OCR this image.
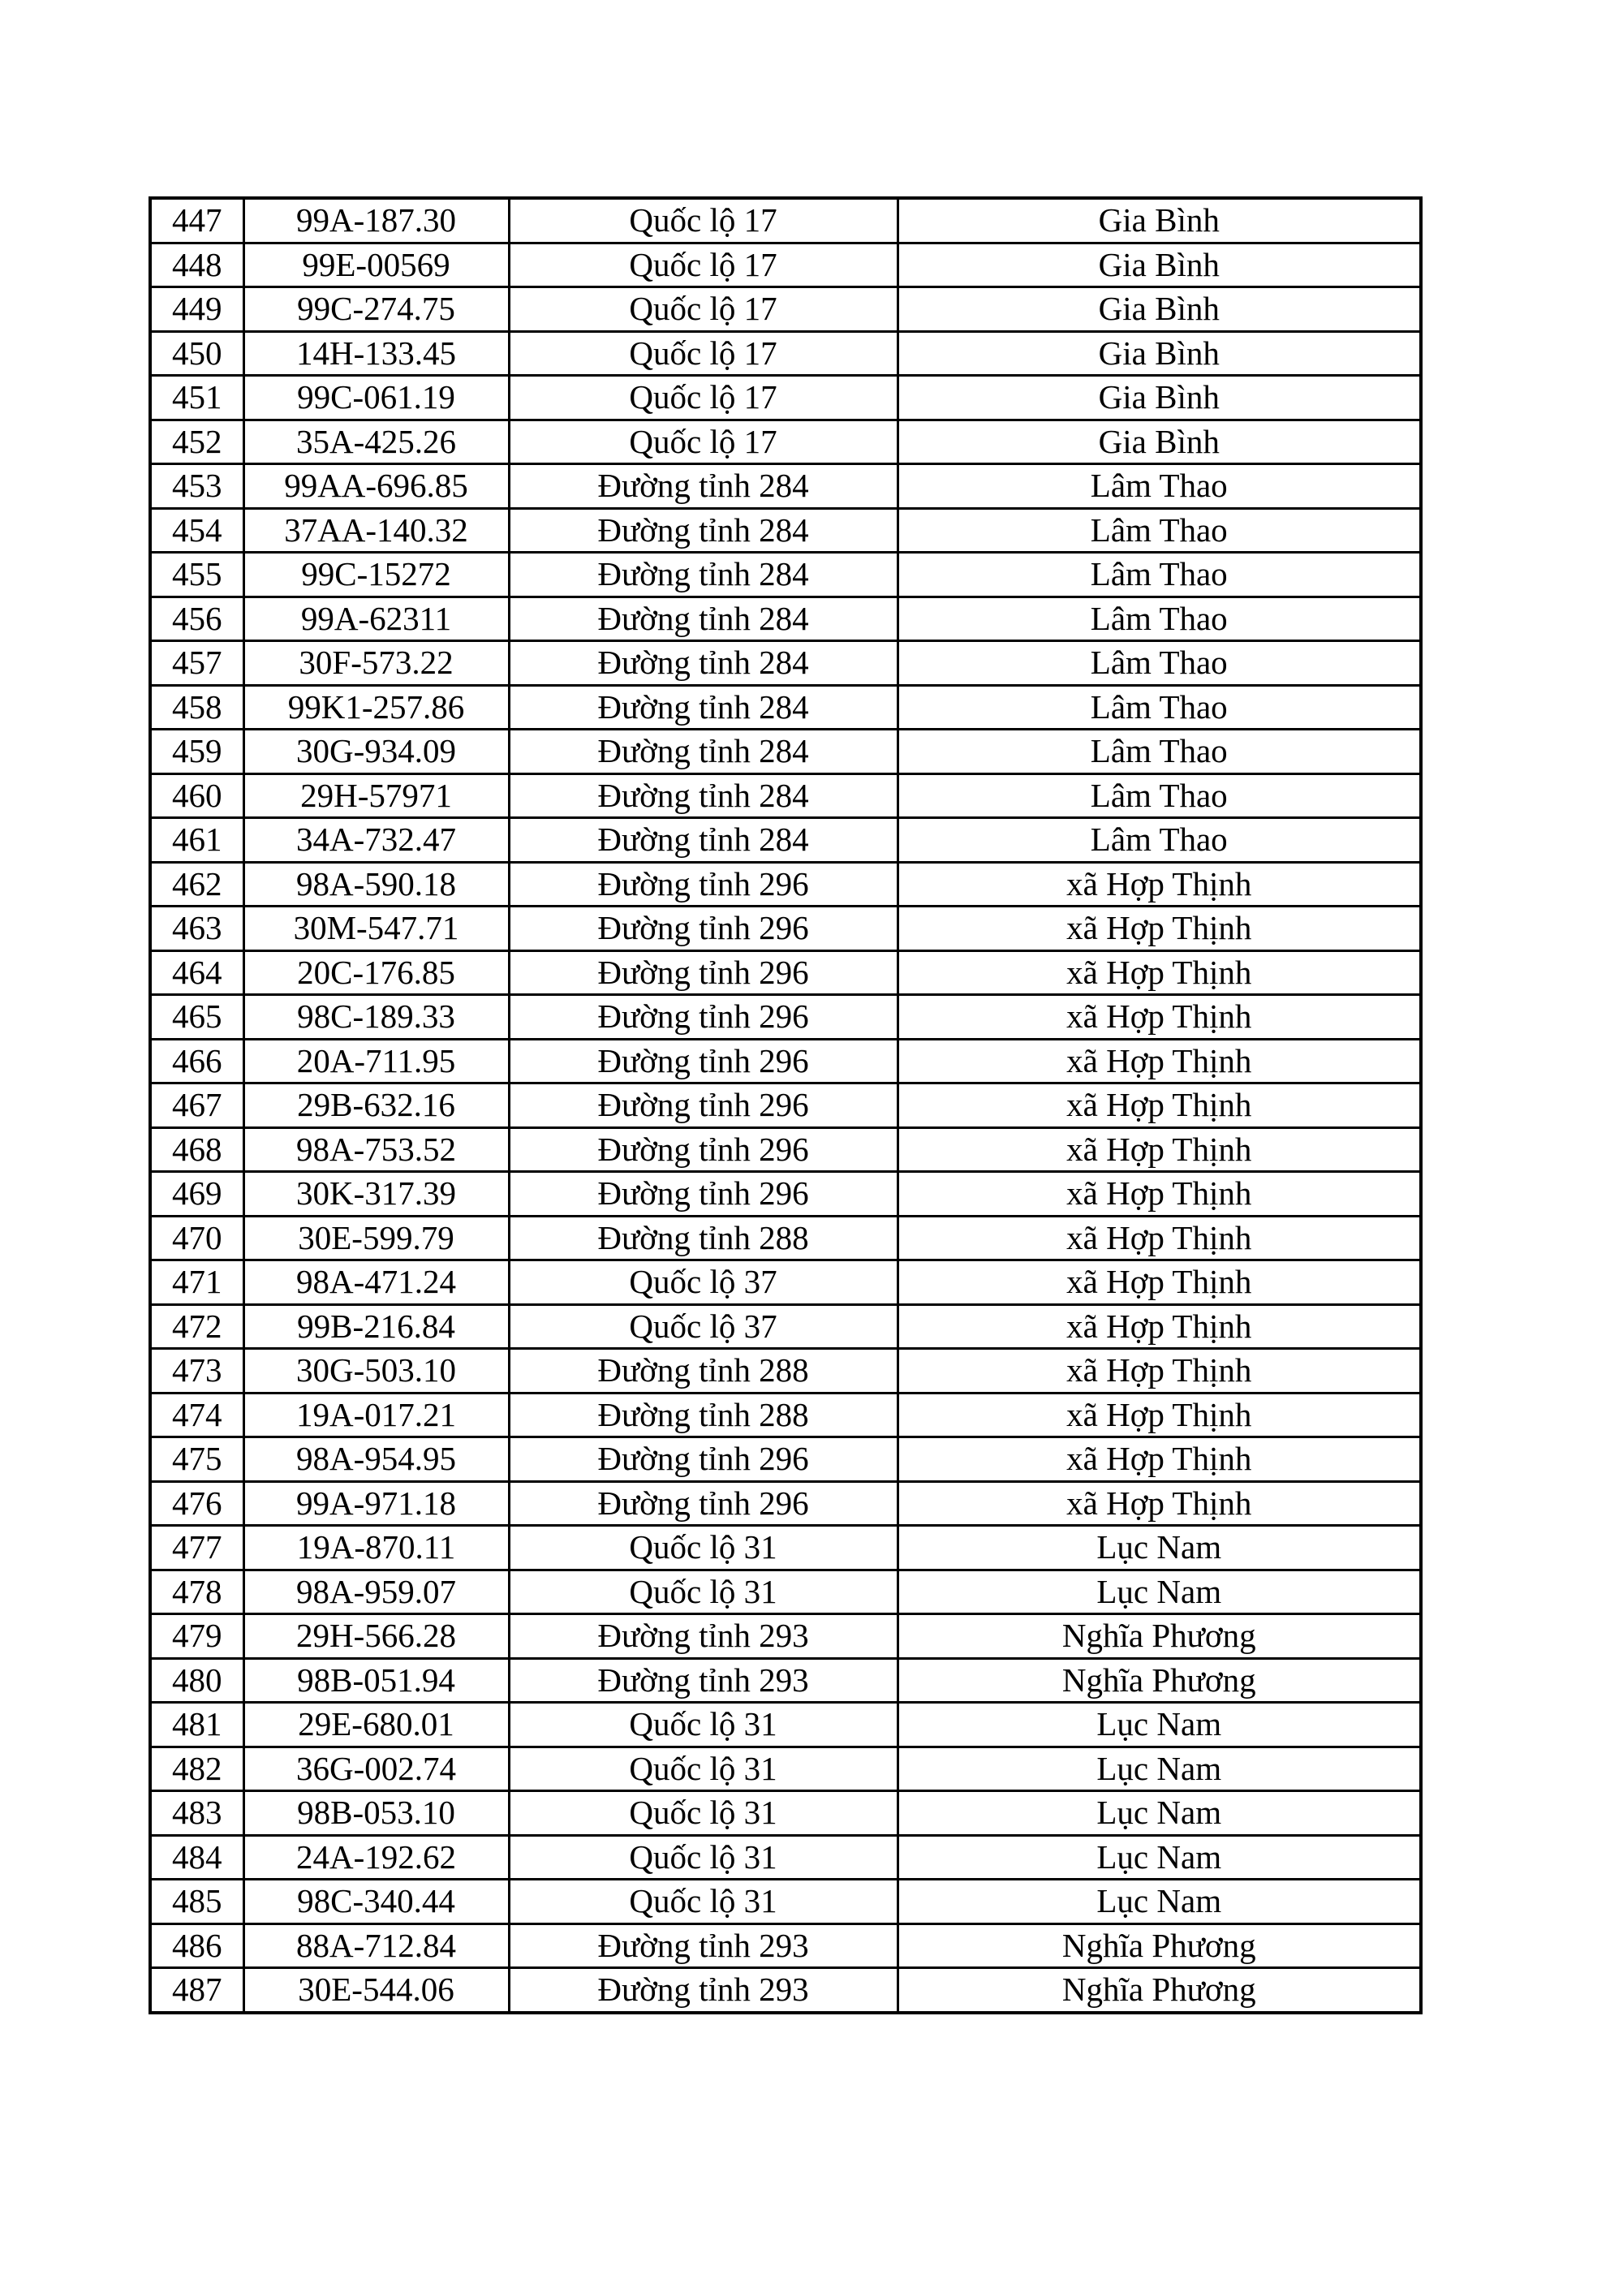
447	99A-187.30	Quốc lộ 17	Gia Bình
448	99E-00569	Quốc lộ 17	Gia Bình
449	99C-274.75	Quốc lộ 17	Gia Bình
450	14H-133.45	Quốc lộ 17	Gia Bình
451	99C-061.19	Quốc lộ 17	Gia Bình
452	35A-425.26	Quốc lộ 17	Gia Bình
453	99AA-696.85	Đường tỉnh 284	Lâm Thao
454	37AA-140.32	Đường tỉnh 284	Lâm Thao
455	99C-15272	Đường tỉnh 284	Lâm Thao
456	99A-62311	Đường tỉnh 284	Lâm Thao
457	30F-573.22	Đường tỉnh 284	Lâm Thao
458	99K1-257.86	Đường tỉnh 284	Lâm Thao
459	30G-934.09	Đường tỉnh 284	Lâm Thao
460	29H-57971	Đường tỉnh 284	Lâm Thao
461	34A-732.47	Đường tỉnh 284	Lâm Thao
462	98A-590.18	Đường tỉnh 296	xã Hợp Thịnh
463	30M-547.71	Đường tỉnh 296	xã Hợp Thịnh
464	20C-176.85	Đường tỉnh 296	xã Hợp Thịnh
465	98C-189.33	Đường tỉnh 296	xã Hợp Thịnh
466	20A-711.95	Đường tỉnh 296	xã Hợp Thịnh
467	29B-632.16	Đường tỉnh 296	xã Hợp Thịnh
468	98A-753.52	Đường tỉnh 296	xã Hợp Thịnh
469	30K-317.39	Đường tỉnh 296	xã Hợp Thịnh
470	30E-599.79	Đường tỉnh 288	xã Hợp Thịnh
471	98A-471.24	Quốc lộ 37	xã Hợp Thịnh
472	99B-216.84	Quốc lộ 37	xã Hợp Thịnh
473	30G-503.10	Đường tỉnh 288	xã Hợp Thịnh
474	19A-017.21	Đường tỉnh 288	xã Hợp Thịnh
475	98A-954.95	Đường tỉnh 296	xã Hợp Thịnh
476	99A-971.18	Đường tỉnh 296	xã Hợp Thịnh
477	19A-870.11	Quốc lộ 31	Lục Nam
478	98A-959.07	Quốc lộ 31	Lục Nam
479	29H-566.28	Đường tỉnh 293	Nghĩa Phương
480	98B-051.94	Đường tỉnh 293	Nghĩa Phương
481	29E-680.01	Quốc lộ 31	Lục Nam
482	36G-002.74	Quốc lộ 31	Lục Nam
483	98B-053.10	Quốc lộ 31	Lục Nam
484	24A-192.62	Quốc lộ 31	Lục Nam
485	98C-340.44	Quốc lộ 31	Lục Nam
486	88A-712.84	Đường tỉnh 293	Nghĩa Phương
487	30E-544.06	Đường tỉnh 293	Nghĩa Phương
